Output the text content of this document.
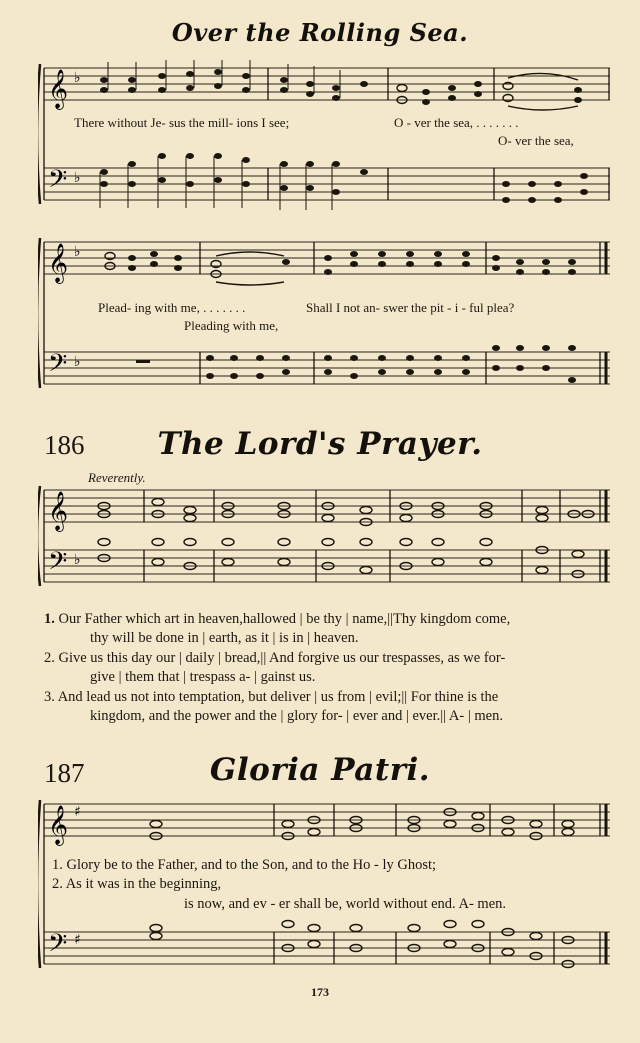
Over the Rolling Sea.
𝄞
𝄢
♭
♭
There without Je- sus the mill- ions I see;	O - ver the sea, . . . . . . .
O- ver the sea,
𝄞
𝄢
♭
♭
Plead- ing with me, . . . . . . .	Shall I not an- swer the pit - i - ful plea?
Pleading with me,
186	The Lord's Prayer.
Reverently.
𝄞
𝄢 ♭
1. Our Father which art in heaven,hallowed | be thy | name,||Thy kingdom come,
thy will be done in | earth, as it | is in | heaven.
2. Give us this day our | daily | bread,|| And forgive us our trespasses, as we for-
give | them that | trespass a- | gainst us.
3. And lead us not into temptation, but deliver | us from | evil;|| For thine is the
kingdom, and the power and the | glory for- | ever and | ever.|| A- | men.
187	Gloria Patri.
𝄞
𝄢
♯
♯
1. Glory be to the Father, and to the Son, and to the Ho - ly Ghost;
2. As it was in the beginning,
is now, and ev - er shall be, world without end. A- men.
173
